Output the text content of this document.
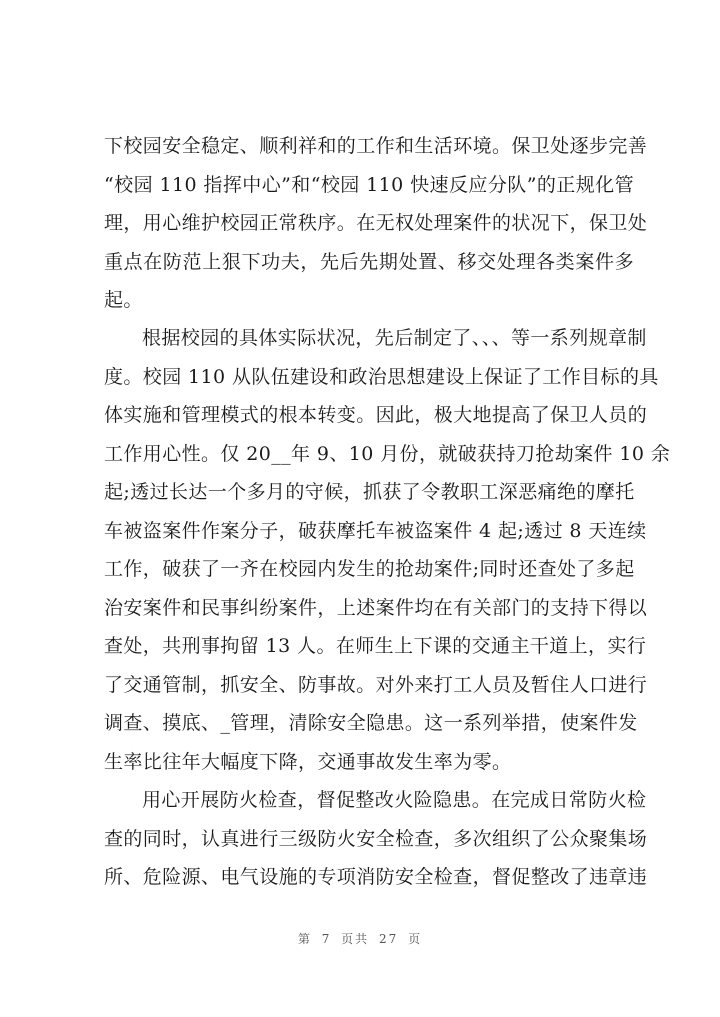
下校园安全稳定、顺利祥和的工作和生活环境。保卫处逐步完善
“校园 110 指挥中心”和“校园 110 快速反应分队”的正规化管
理，用心维护校园正常秩序。在无权处理案件的状况下，保卫处
重点在防范上狠下功夫，先后先期处置、移交处理各类案件多
起。
根据校园的具体实际状况，先后制定了、、、等一系列规章制
度。校园 110 从队伍建设和政治思想建设上保证了工作目标的具
体实施和管理模式的根本转变。因此，极大地提高了保卫人员的
工作用心性。仅 20__年 9、10 月份，就破获持刀抢劫案件 10 余
起;透过长达一个多月的守候，抓获了令教职工深恶痛绝的摩托
车被盗案件作案分子，破获摩托车被盗案件 4 起;透过 8 天连续
工作，破获了一齐在校园内发生的抢劫案件;同时还查处了多起
治安案件和民事纠纷案件，上述案件均在有关部门的支持下得以
查处，共刑事拘留 13 人。在师生上下课的交通主干道上，实行
了交通管制，抓安全、防事故。对外来打工人员及暂住人口进行
调查、摸底、_管理，清除安全隐患。这一系列举措，使案件发
生率比往年大幅度下降，交通事故发生率为零。
用心开展防火检查，督促整改火险隐患。在完成日常防火检
查的同时，认真进行三级防火安全检查，多次组织了公众聚集场
所、危险源、电气设施的专项消防安全检查，督促整改了违章违
第 7 页共 27 页
